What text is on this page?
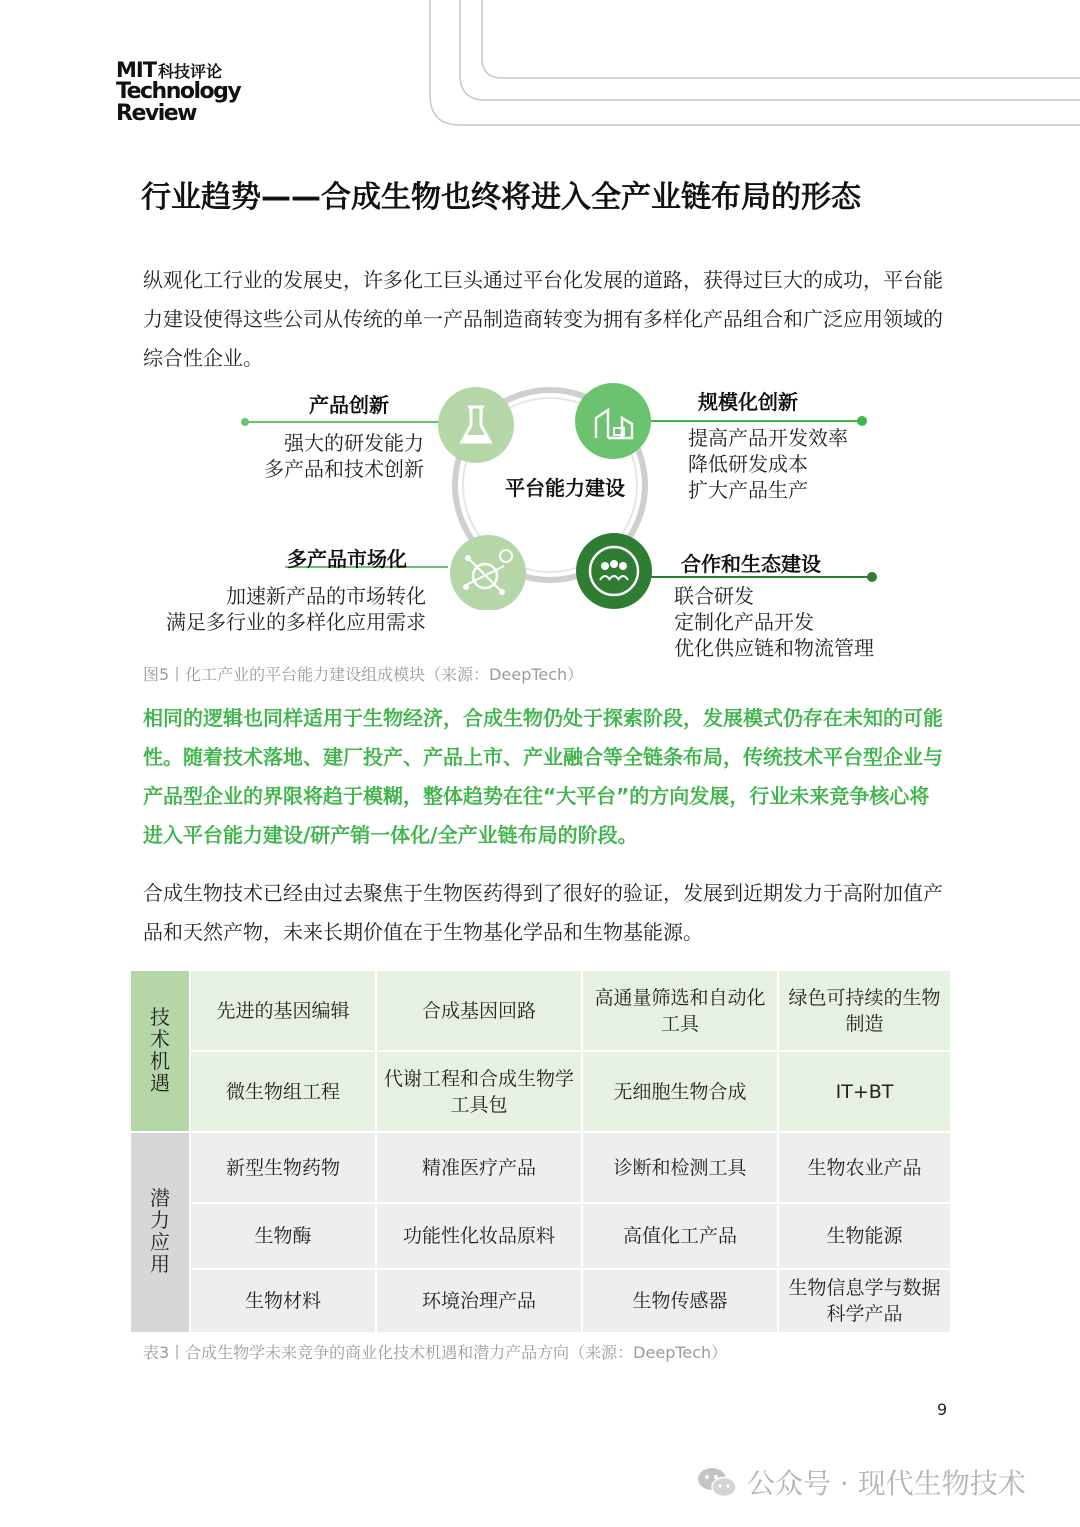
MIT 科技评论
Technology
Review
行业趋势——合成生物也终将进入全产业链布局的形态

纵观化工行业的发展史，许多化工巨头通过平台化发展的道路，获得过巨大的成功，平台能力建设使得这些公司从传统的单一产品制造商转变为拥有多样化产品组合和广泛应用领域的综合性企业。

平台能力建设
产品创新
强大的研发能力
多产品和技术创新
规模化创新
提高产品开发效率
降低研发成本
扩大产品生产
多产品市场化
加速新产品的市场转化
满足多行业的多样化应用需求
合作和生态建设
联合研发
定制化产品开发
优化供应链和物流管理
图5丨化工产业的平台能力建设组成模块（来源：DeepTech）

相同的逻辑也同样适用于生物经济，合成生物仍处于探索阶段，发展模式仍存在未知的可能性。随着技术落地、建厂投产、产品上市、产业融合等全链条布局，传统技术平台型企业与产品型企业的界限将趋于模糊，整体趋势在往“大平台”的方向发展，行业未来竞争核心将进入平台能力建设/研产销一体化/全产业链布局的阶段。

合成生物技术已经由过去聚焦于生物医药得到了很好的验证，发展到近期发力于高附加值产品和天然产物，未来长期价值在于生物基化学品和生物基能源。

技术机遇	先进的基因编辑	合成基因回路	高通量筛选和自动化工具	绿色可持续的生物制造
	微生物组工程	代谢工程和合成生物学工具包	无细胞生物合成	IT+BT
潜力应用	新型生物药物	精准医疗产品	诊断和检测工具	生物农业产品
	生物酶	功能性化妆品原料	高值化工产品	生物能源
	生物材料	环境治理产品	生物传感器	生物信息学与数据科学产品
表3丨合成生物学未来竞争的商业化技术机遇和潜力产品方向（来源：DeepTech）
9
公众号 · 现代生物技术
